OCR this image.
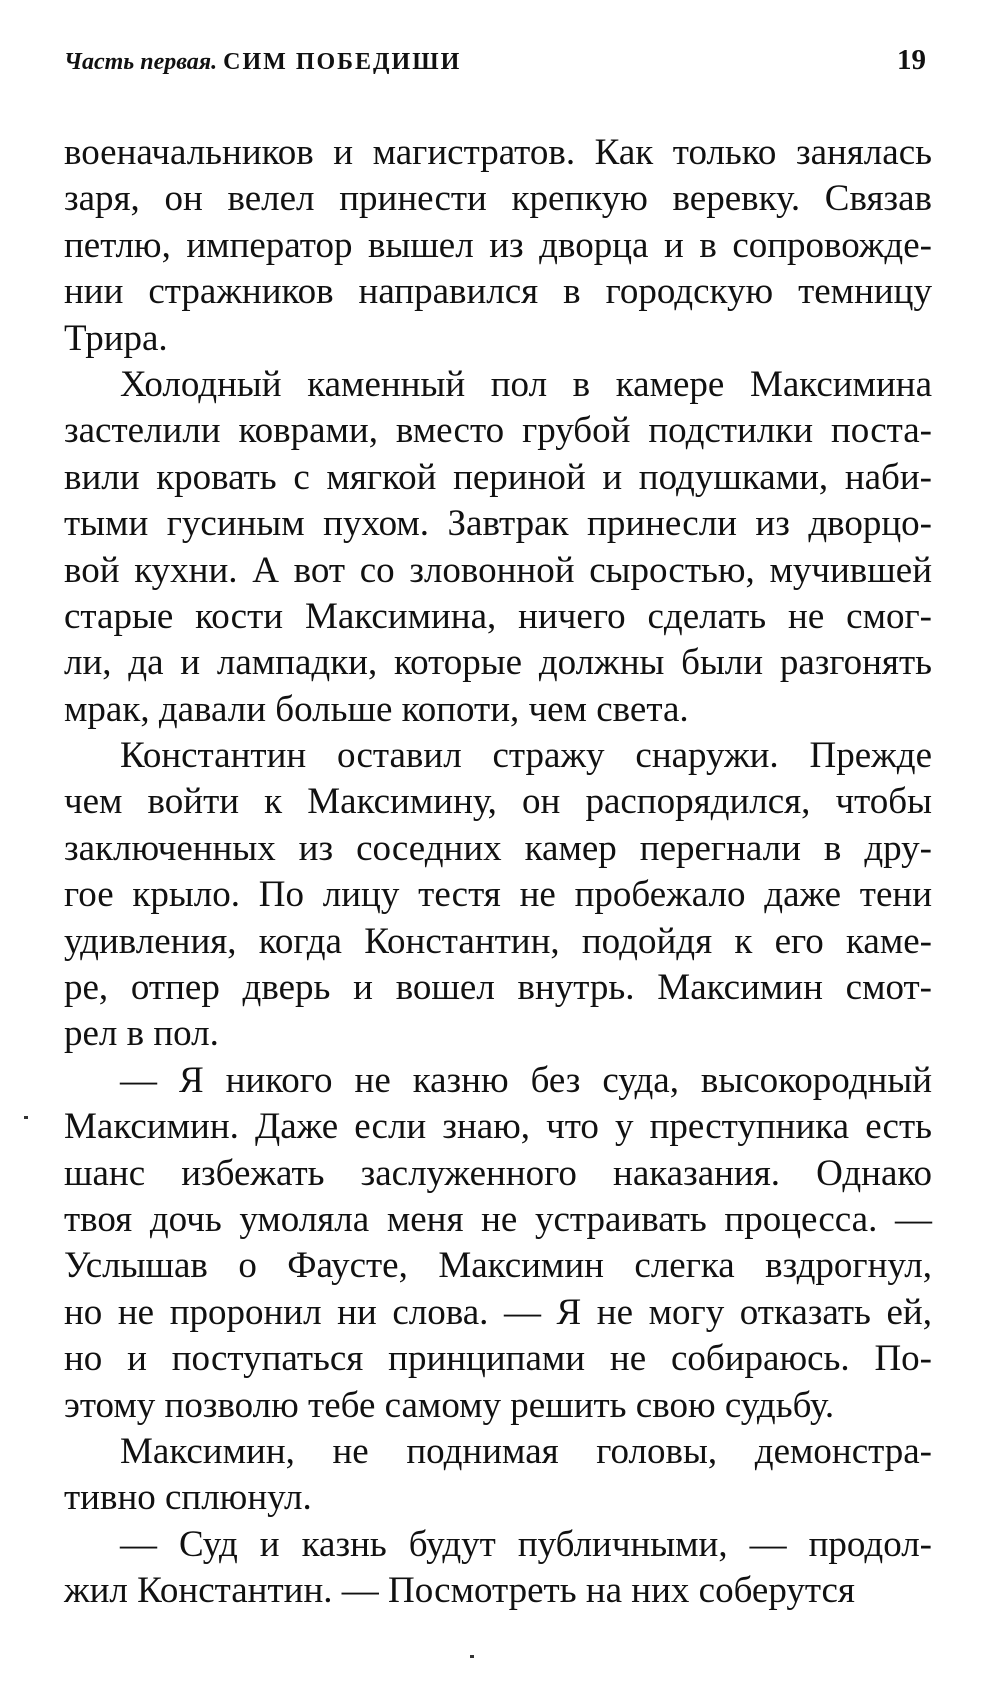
Часть первая. СИМ ПОБЕДИШИ	19
военачальников и магистратов. Как только занялась
заря, он велел принести крепкую веревку. Связав
петлю, император вышел из дворца и в сопровожде-
нии стражников направился в городскую темницу
Трира.
Холодный каменный пол в камере Максимина
застелили коврами, вместо грубой подстилки поста-
вили кровать с мягкой периной и подушками, наби-
тыми гусиным пухом. Завтрак принесли из дворцо-
вой кухни. А вот со зловонной сыростью, мучившей
старые кости Максимина, ничего сделать не смог-
ли, да и лампадки, которые должны были разгонять
мрак, давали больше копоти, чем света.
Константин оставил стражу снаружи. Прежде
чем войти к Максимину, он распорядился, чтобы
заключенных из соседних камер перегнали в дру-
гое крыло. По лицу тестя не пробежало даже тени
удивления, когда Константин, подойдя к его каме-
ре, отпер дверь и вошел внутрь. Максимин смот-
рел в пол.
— Я никого не казню без суда, высокородный
Максимин. Даже если знаю, что у преступника есть
шанс избежать заслуженного наказания. Однако
твоя дочь умоляла меня не устраивать процесса. —
Услышав о Фаусте, Максимин слегка вздрогнул,
но не проронил ни слова. — Я не могу отказать ей,
но и поступаться принципами не собираюсь. По-
этому позволю тебе самому решить свою судьбу.
Максимин, не поднимая головы, демонстра-
тивно сплюнул.
— Суд и казнь будут публичными, — продол-
жил Константин. — Посмотреть на них соберутся
